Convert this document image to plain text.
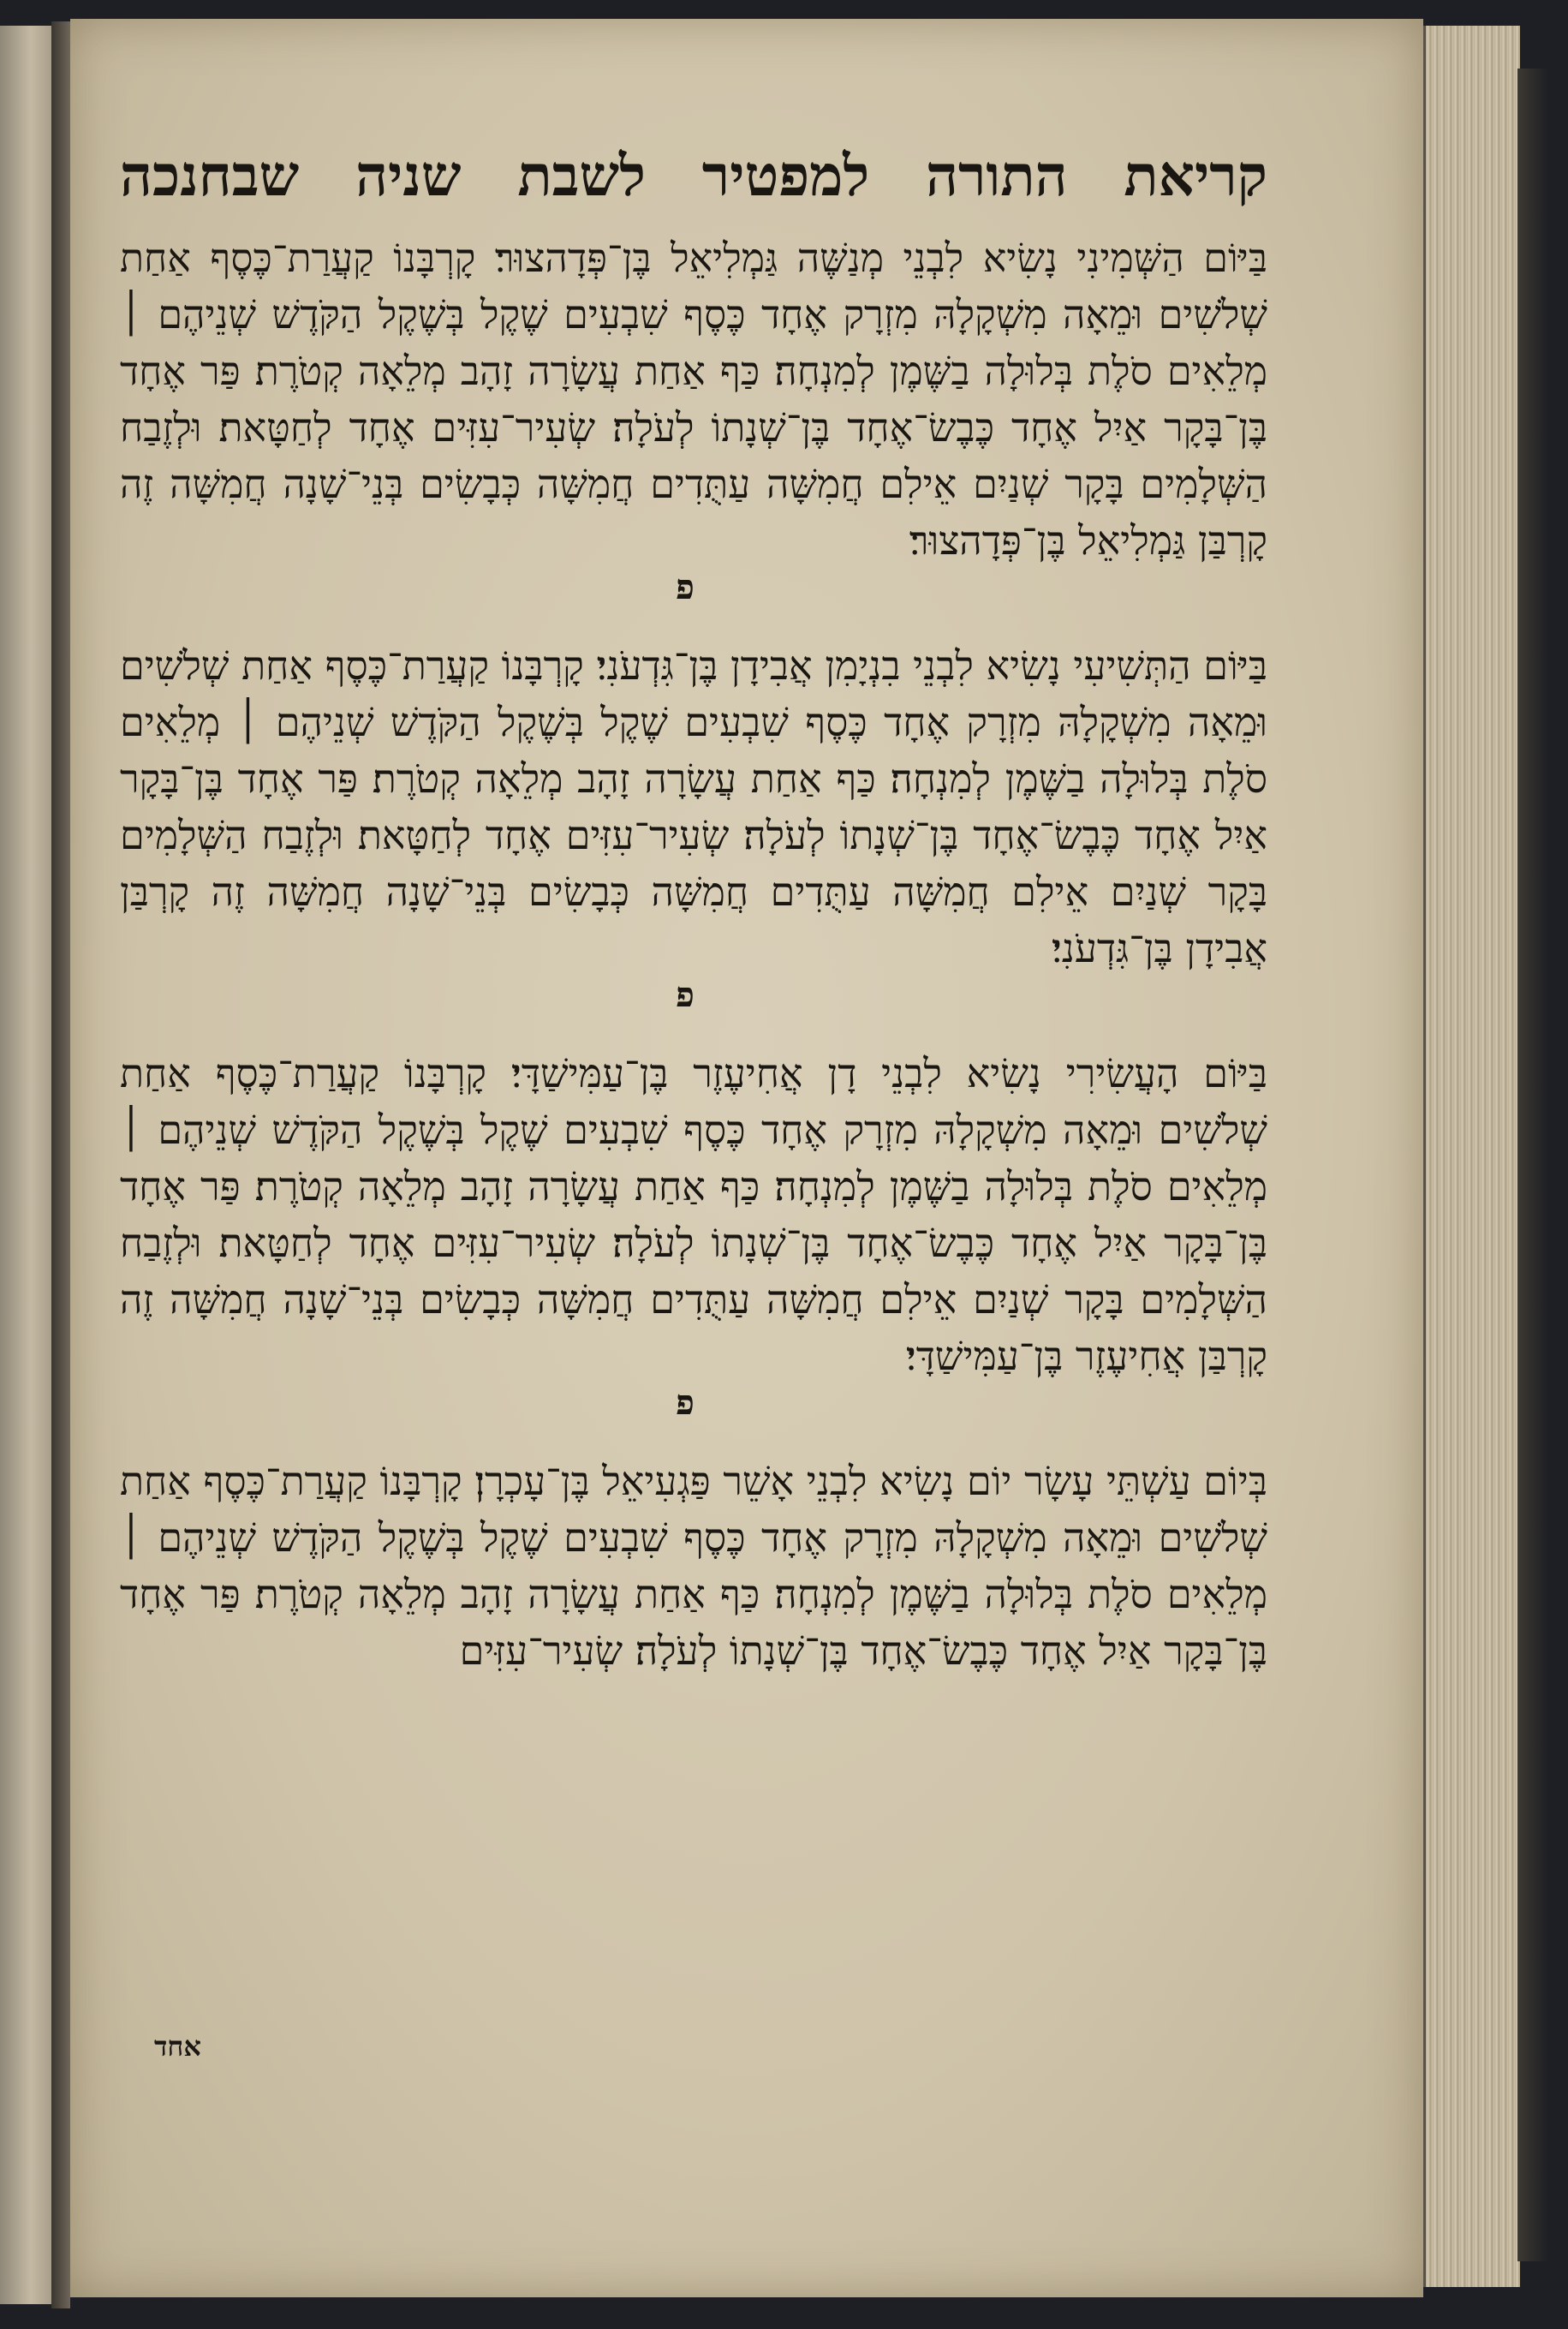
קריאת התורה למפטיר לשבת שניה שבחנכה

בַּיּוֹם הַשְּׁמִינִי נָשִׂיא לִבְנֵי מְנַשֶּׁה גַּמְלִיאֵל בֶּן־פְּדָהצוּר׃ קָרְבָּנוֹ קַעֲרַת־כֶּסֶף אַחַת שְׁלֹשִׁים וּמֵאָה מִשְׁקָלָהּ מִזְרָק אֶחָד כֶּסֶף שִׁבְעִים שֶׁקֶל בְּשֶׁקֶל הַקֹּדֶשׁ שְׁנֵיהֶם ׀ מְלֵאִים סֹלֶת בְּלוּלָה בַשֶּׁמֶן לְמִנְחָה׃ כַּף אַחַת עֲשָׂרָה זָהָב מְלֵאָה קְטֹרֶת׃ פַּר אֶחָד בֶּן־בָּקָר אַיִל אֶחָד כֶּבֶשׂ־אֶחָד בֶּן־שְׁנָתוֹ לְעֹלָה׃ שְׂעִיר־עִזִּים אֶחָד לְחַטָּאת׃ וּלְזֶבַח הַשְּׁלָמִים בָּקָר שְׁנַיִם אֵילִם חֲמִשָּׁה עַתֻּדִים חֲמִשָּׁה כְּבָשִׂים בְּנֵי־שָׁנָה חֲמִשָּׁה זֶה קָרְבַּן גַּמְלִיאֵל בֶּן־פְּדָהצוּר׃

פ

בַּיּוֹם הַתְּשִׁיעִי נָשִׂיא לִבְנֵי בִנְיָמִן אֲבִידָן בֶּן־גִּדְעֹנִי׃ קָרְבָּנוֹ קַעֲרַת־כֶּסֶף אַחַת שְׁלֹשִׁים וּמֵאָה מִשְׁקָלָהּ מִזְרָק אֶחָד כֶּסֶף שִׁבְעִים שֶׁקֶל בְּשֶׁקֶל הַקֹּדֶשׁ שְׁנֵיהֶם ׀ מְלֵאִים סֹלֶת בְּלוּלָה בַשֶּׁמֶן לְמִנְחָה׃ כַּף אַחַת עֲשָׂרָה זָהָב מְלֵאָה קְטֹרֶת׃ פַּר אֶחָד בֶּן־בָּקָר אַיִל אֶחָד כֶּבֶשׂ־אֶחָד בֶּן־שְׁנָתוֹ לְעֹלָה׃ שְׂעִיר־עִזִּים אֶחָד לְחַטָּאת׃ וּלְזֶבַח הַשְּׁלָמִים בָּקָר שְׁנַיִם אֵילִם חֲמִשָּׁה עַתֻּדִים חֲמִשָּׁה כְּבָשִׂים בְּנֵי־שָׁנָה חֲמִשָּׁה זֶה קָרְבַּן אֲבִידָן בֶּן־גִּדְעֹנִי׃

פ

בַּיּוֹם הָעֲשִׂירִי נָשִׂיא לִבְנֵי דָן אֲחִיעֶזֶר בֶּן־עַמִּישַׁדָּי׃ קָרְבָּנוֹ קַעֲרַת־כֶּסֶף אַחַת שְׁלֹשִׁים וּמֵאָה מִשְׁקָלָהּ מִזְרָק אֶחָד כֶּסֶף שִׁבְעִים שֶׁקֶל בְּשֶׁקֶל הַקֹּדֶשׁ שְׁנֵיהֶם ׀ מְלֵאִים סֹלֶת בְּלוּלָה בַשֶּׁמֶן לְמִנְחָה׃ כַּף אַחַת עֲשָׂרָה זָהָב מְלֵאָה קְטֹרֶת׃ פַּר אֶחָד בֶּן־בָּקָר אַיִל אֶחָד כֶּבֶשׂ־אֶחָד בֶּן־שְׁנָתוֹ לְעֹלָה׃ שְׂעִיר־עִזִּים אֶחָד לְחַטָּאת׃ וּלְזֶבַח הַשְּׁלָמִים בָּקָר שְׁנַיִם אֵילִם חֲמִשָּׁה עַתֻּדִים חֲמִשָּׁה כְּבָשִׂים בְּנֵי־שָׁנָה חֲמִשָּׁה זֶה קָרְבַּן אֲחִיעֶזֶר בֶּן־עַמִּישַׁדָּי׃

פ

בְּיוֹם עַשְׁתֵּי עָשָׂר יוֹם נָשִׂיא לִבְנֵי אָשֵׁר פַּגְעִיאֵל בֶּן־עָכְרָן׃ קָרְבָּנוֹ קַעֲרַת־כֶּסֶף אַחַת שְׁלֹשִׁים וּמֵאָה מִשְׁקָלָהּ מִזְרָק אֶחָד כֶּסֶף שִׁבְעִים שֶׁקֶל בְּשֶׁקֶל הַקֹּדֶשׁ שְׁנֵיהֶם ׀ מְלֵאִים סֹלֶת בְּלוּלָה בַשֶּׁמֶן לְמִנְחָה׃ כַּף אַחַת עֲשָׂרָה זָהָב מְלֵאָה קְטֹרֶת׃ פַּר אֶחָד בֶּן־בָּקָר אַיִל אֶחָד כֶּבֶשׂ־אֶחָד בֶּן־שְׁנָתוֹ לְעֹלָה׃ שְׂעִיר־עִזִּים

אחד
